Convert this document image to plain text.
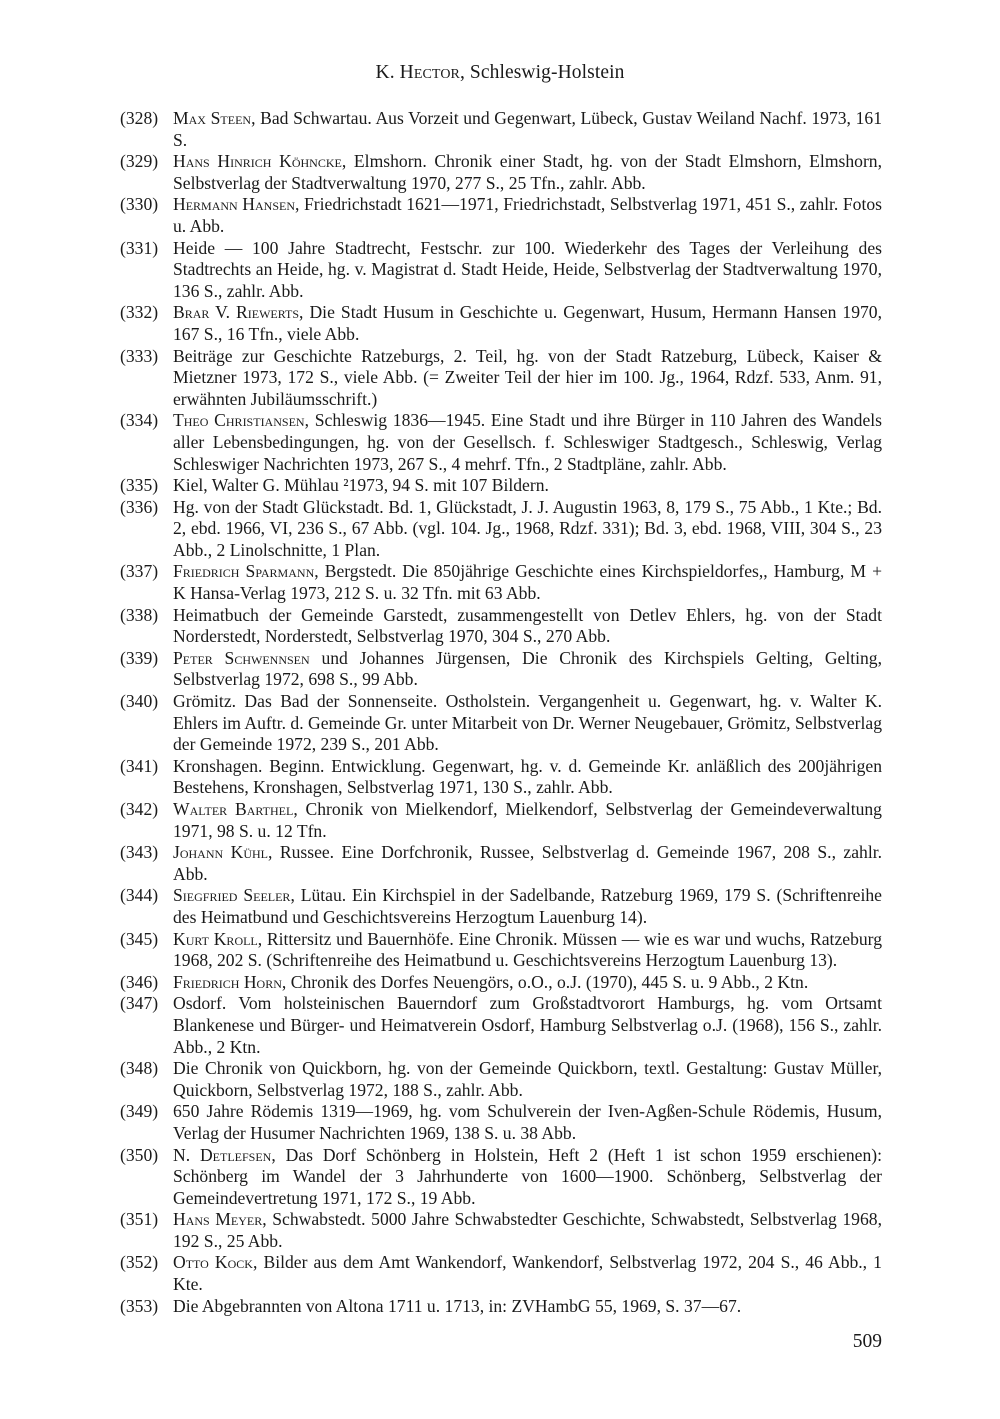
K. Hector, Schleswig-Holstein
(328) Max Steen, Bad Schwartau. Aus Vorzeit und Gegenwart, Lübeck, Gustav Weiland Nachf. 1973, 161 S.
(329) Hans Hinrich Köhncke, Elmshorn. Chronik einer Stadt, hg. von der Stadt Elmshorn, Elmshorn, Selbstverlag der Stadtverwaltung 1970, 277 S., 25 Tfn., zahlr. Abb.
(330) Hermann Hansen, Friedrichstadt 1621—1971, Friedrichstadt, Selbstverlag 1971, 451 S., zahlr. Fotos u. Abb.
(331) Heide — 100 Jahre Stadtrecht, Festschr. zur 100. Wiederkehr des Tages der Verleihung des Stadtrechts an Heide, hg. v. Magistrat d. Stadt Heide, Heide, Selbstverlag der Stadtverwaltung 1970, 136 S., zahlr. Abb.
(332) Brar V. Riewerts, Die Stadt Husum in Geschichte u. Gegenwart, Husum, Hermann Hansen 1970, 167 S., 16 Tfn., viele Abb.
(333) Beiträge zur Geschichte Ratzeburgs, 2. Teil, hg. von der Stadt Ratzeburg, Lübeck, Kaiser & Mietzner 1973, 172 S., viele Abb. (= Zweiter Teil der hier im 100. Jg., 1964, Rdzf. 533, Anm. 91, erwähnten Jubiläumsschrift.)
(334) Theo Christiansen, Schleswig 1836—1945. Eine Stadt und ihre Bürger in 110 Jahren des Wandels aller Lebensbedingungen, hg. von der Gesellsch. f. Schleswiger Stadtgesch., Schleswig, Verlag Schleswiger Nachrichten 1973, 267 S., 4 mehrf. Tfn., 2 Stadtpläne, zahlr. Abb.
(335) Kiel, Walter G. Mühlau ²1973, 94 S. mit 107 Bildern.
(336) Hg. von der Stadt Glückstadt. Bd. 1, Glückstadt, J. J. Augustin 1963, 8, 179 S., 75 Abb., 1 Kte.; Bd. 2, ebd. 1966, VI, 236 S., 67 Abb. (vgl. 104. Jg., 1968, Rdzf. 331); Bd. 3, ebd. 1968, VIII, 304 S., 23 Abb., 2 Linolschnitte, 1 Plan.
(337) Friedrich Sparmann, Bergstedt. Die 850jährige Geschichte eines Kirchspieldorfes,, Hamburg, M + K Hansa-Verlag 1973, 212 S. u. 32 Tfn. mit 63 Abb.
(338) Heimatbuch der Gemeinde Garstedt, zusammengestellt von Detlev Ehlers, hg. von der Stadt Norderstedt, Norderstedt, Selbstverlag 1970, 304 S., 270 Abb.
(339) Peter Schwennsen und Johannes Jürgensen, Die Chronik des Kirchspiels Gelting, Gelting, Selbstverlag 1972, 698 S., 99 Abb.
(340) Grömitz. Das Bad der Sonnenseite. Ostholstein. Vergangenheit u. Gegenwart, hg. v. Walter K. Ehlers im Auftr. d. Gemeinde Gr. unter Mitarbeit von Dr. Werner Neugebauer, Grömitz, Selbstverlag der Gemeinde 1972, 239 S., 201 Abb.
(341) Kronshagen. Beginn. Entwicklung. Gegenwart, hg. v. d. Gemeinde Kr. anläßlich des 200jährigen Bestehens, Kronshagen, Selbstverlag 1971, 130 S., zahlr. Abb.
(342) Walter Barthel, Chronik von Mielkendorf, Mielkendorf, Selbstverlag der Gemeindeverwaltung 1971, 98 S. u. 12 Tfn.
(343) Johann Kühl, Russee. Eine Dorfchronik, Russee, Selbstverlag d. Gemeinde 1967, 208 S., zahlr. Abb.
(344) Siegfried Seeler, Lütau. Ein Kirchspiel in der Sadelbande, Ratzeburg 1969, 179 S. (Schriftenreihe des Heimatbund und Geschichtsvereins Herzogtum Lauenburg 14).
(345) Kurt Kroll, Rittersitz und Bauernhöfe. Eine Chronik. Müssen — wie es war und wuchs, Ratzeburg 1968, 202 S. (Schriftenreihe des Heimatbund u. Geschichtsvereins Herzogtum Lauenburg 13).
(346) Friedrich Horn, Chronik des Dorfes Neuengörs, o.O., o.J. (1970), 445 S. u. 9 Abb., 2 Ktn.
(347) Osdorf. Vom holsteinischen Bauerndorf zum Großstadtvorort Hamburgs, hg. vom Ortsamt Blankenese und Bürger- und Heimatverein Osdorf, Hamburg Selbstverlag o.J. (1968), 156 S., zahlr. Abb., 2 Ktn.
(348) Die Chronik von Quickborn, hg. von der Gemeinde Quickborn, textl. Gestaltung: Gustav Müller, Quickborn, Selbstverlag 1972, 188 S., zahlr. Abb.
(349) 650 Jahre Rödemis 1319—1969, hg. vom Schulverein der Iven-Agßen-Schule Rödemis, Husum, Verlag der Husumer Nachrichten 1969, 138 S. u. 38 Abb.
(350) N. Detlefsen, Das Dorf Schönberg in Holstein, Heft 2 (Heft 1 ist schon 1959 erschienen): Schönberg im Wandel der 3 Jahrhunderte von 1600—1900. Schönberg, Selbstverlag der Gemeindevertretung 1971, 172 S., 19 Abb.
(351) Hans Meyer, Schwabstedt. 5000 Jahre Schwabstedter Geschichte, Schwabstedt, Selbstverlag 1968, 192 S., 25 Abb.
(352) Otto Kock, Bilder aus dem Amt Wankendorf, Wankendorf, Selbstverlag 1972, 204 S., 46 Abb., 1 Kte.
(353) Die Abgebrannten von Altona 1711 u. 1713, in: ZVHambG 55, 1969, S. 37—67.
509
